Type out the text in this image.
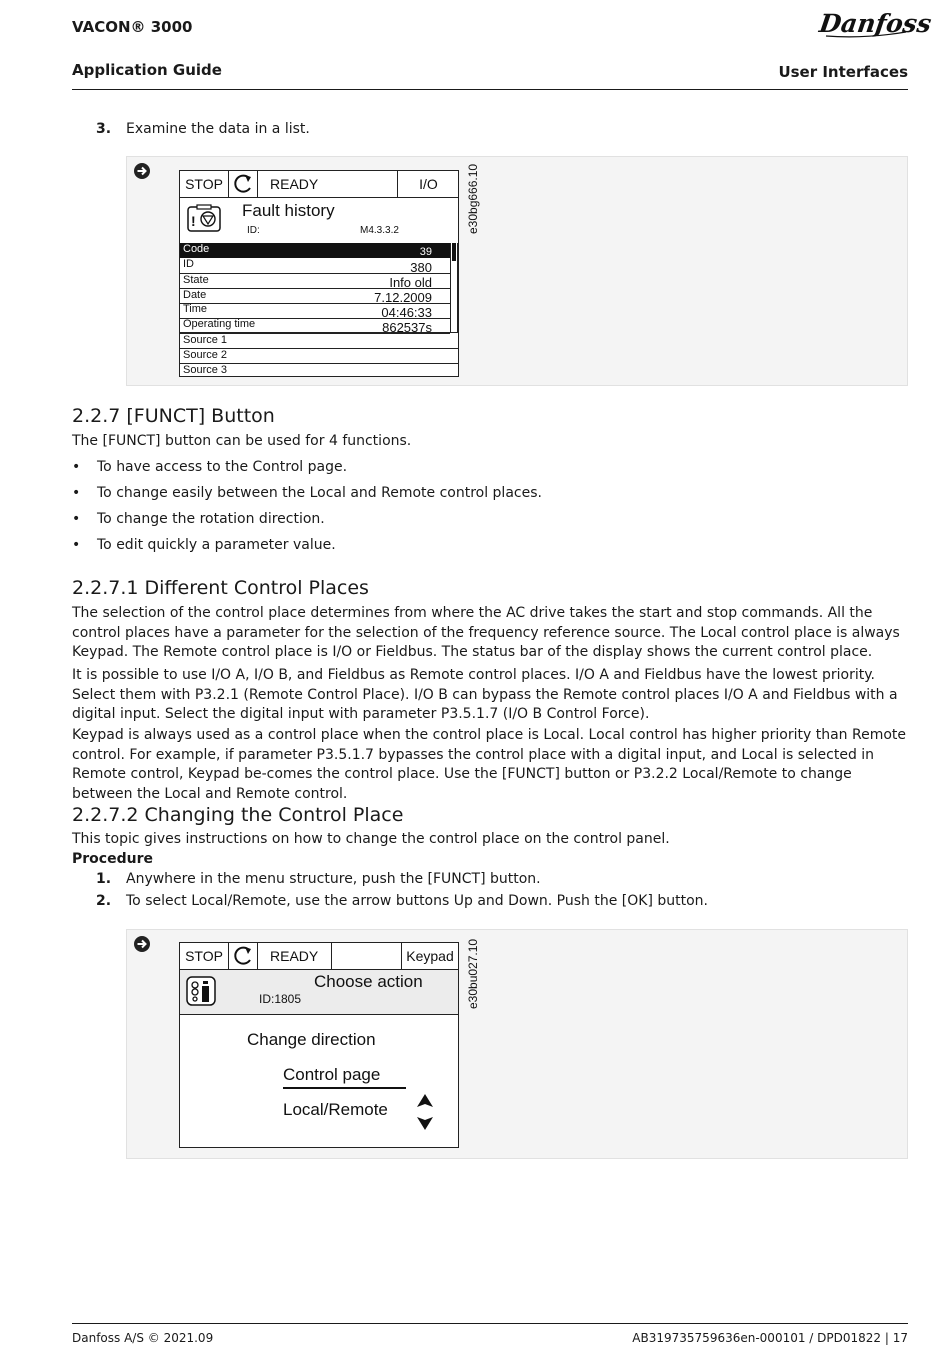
VACON® 3000
Application Guide	User Interfaces
Danfoss
3. Examine the data in a list.
STOP	READY	I/O
!
Fault history
ID:	M4.3.3.2
Code	39
ID	380
State	Info old
Date	7.12.2009
Time	04:46:33
Operating time	862537s
Source 1
Source 2
Source 3
e30bg666.10
2.2.7 [FUNCT] Button
The [FUNCT] button can be used for 4 functions.
• To have access to the Control page.
• To change easily between the Local and Remote control places.
• To change the rotation direction.
• To edit quickly a parameter value.
2.2.7.1 Different Control Places
The selection of the control place determines from where the AC drive takes the start and stop commands. All the control places have a parameter for the selection of the frequency reference source. The Local control place is always Keypad. The Remote control place is I/O or Fieldbus. The status bar of the display shows the current control place.
It is possible to use I/O A, I/O B, and Fieldbus as Remote control places. I/O A and Fieldbus have the lowest priority. Select them with P3.2.1 (Remote Control Place). I/O B can bypass the Remote control places I/O A and Fieldbus with a digital input. Select the digital input with parameter P3.5.1.7 (I/O B Control Force).
Keypad is always used as a control place when the control place is Local. Local control has higher priority than Remote control. For example, if parameter P3.5.1.7 bypasses the control place with a digital input, and Local is selected in Remote control, Keypad be-comes the control place. Use the [FUNCT] button or P3.2.2 Local/Remote to change between the Local and Remote control.
2.2.7.2 Changing the Control Place
This topic gives instructions on how to change the control place on the control panel.
Procedure
1. Anywhere in the menu structure, push the [FUNCT] button.
2. To select Local/Remote, use the arrow buttons Up and Down. Push the [OK] button.
STOP	READY	Keypad
Choose action
ID:1805
Change direction
Control page
Local/Remote
e30bu027.10
Danfoss A/S © 2021.09	AB319735759636en-000101 / DPD01822 | 17
